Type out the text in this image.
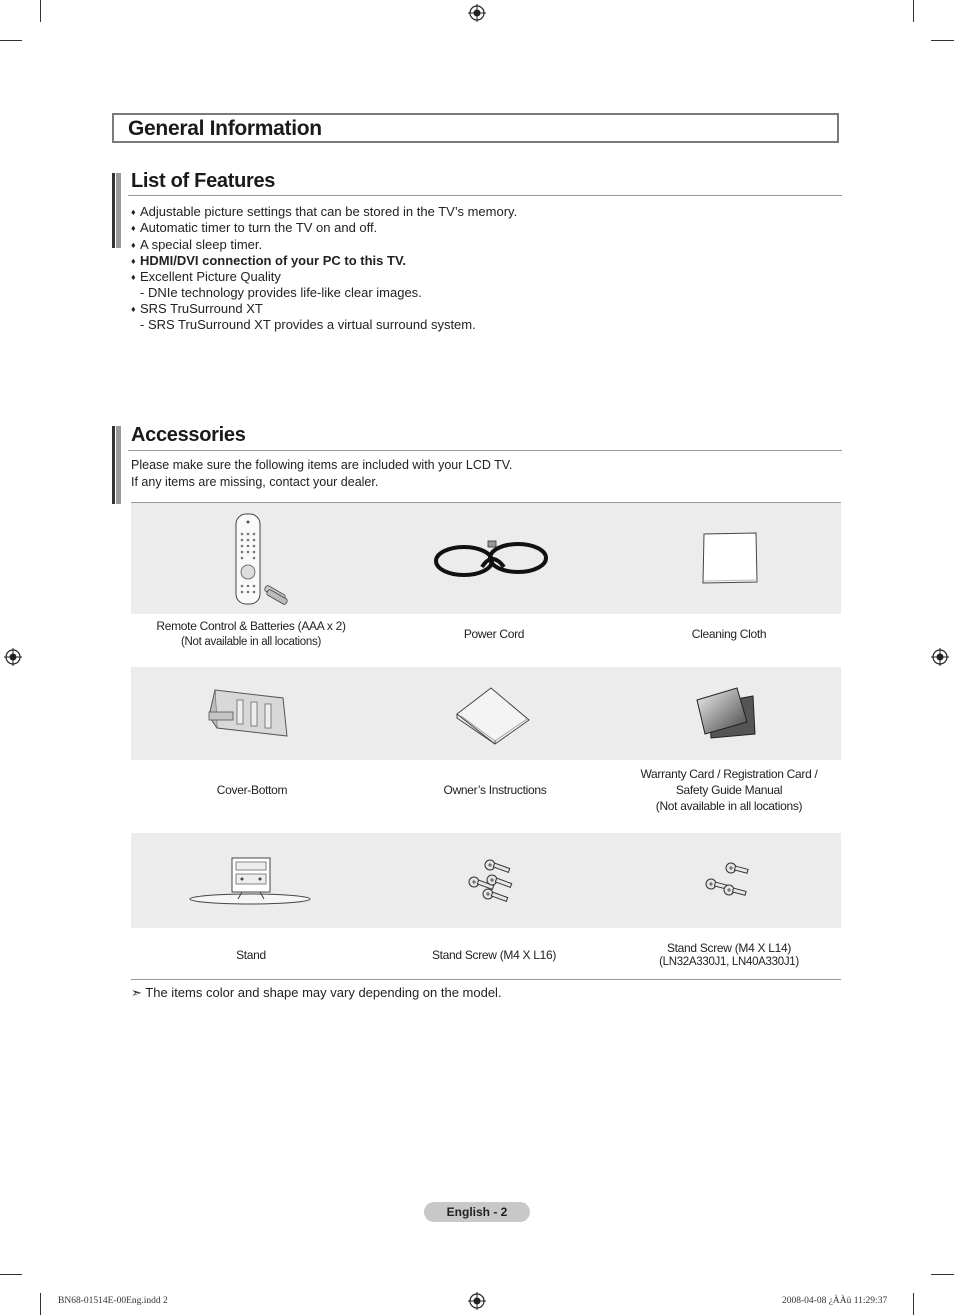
General Information
List of Features
♦ Adjustable picture settings that can be stored in the TV’s memory.
♦ Automatic timer to turn the TV on and off.
♦ A special sleep timer.
♦ HDMI/DVI connection of your PC to this TV.
♦ Excellent Picture Quality
- DNIe technology provides life-like clear images.
♦ SRS TruSurround XT
- SRS TruSurround XT provides a virtual surround system.
Accessories
Please make sure the following items are included with your LCD TV.
If any items are missing, contact your dealer.
Remote Control & Batteries (AAA x 2)
(Not available in all locations)
Power Cord	Cleaning Cloth
Cover-Bottom	Owner’s Instructions
Warranty Card / Registration Card /
Safety Guide Manual
(Not available in all locations)
Stand	Stand Screw (M4 X L16)	Stand Screw (M4 X L14)
(LN32A330J1, LN40A330J1)
➣ The items color and shape may vary depending on the model.
English - 2
BN68-01514E-00Eng.indd 2	2008-04-08 ¿ÀÀü 11:29:37
